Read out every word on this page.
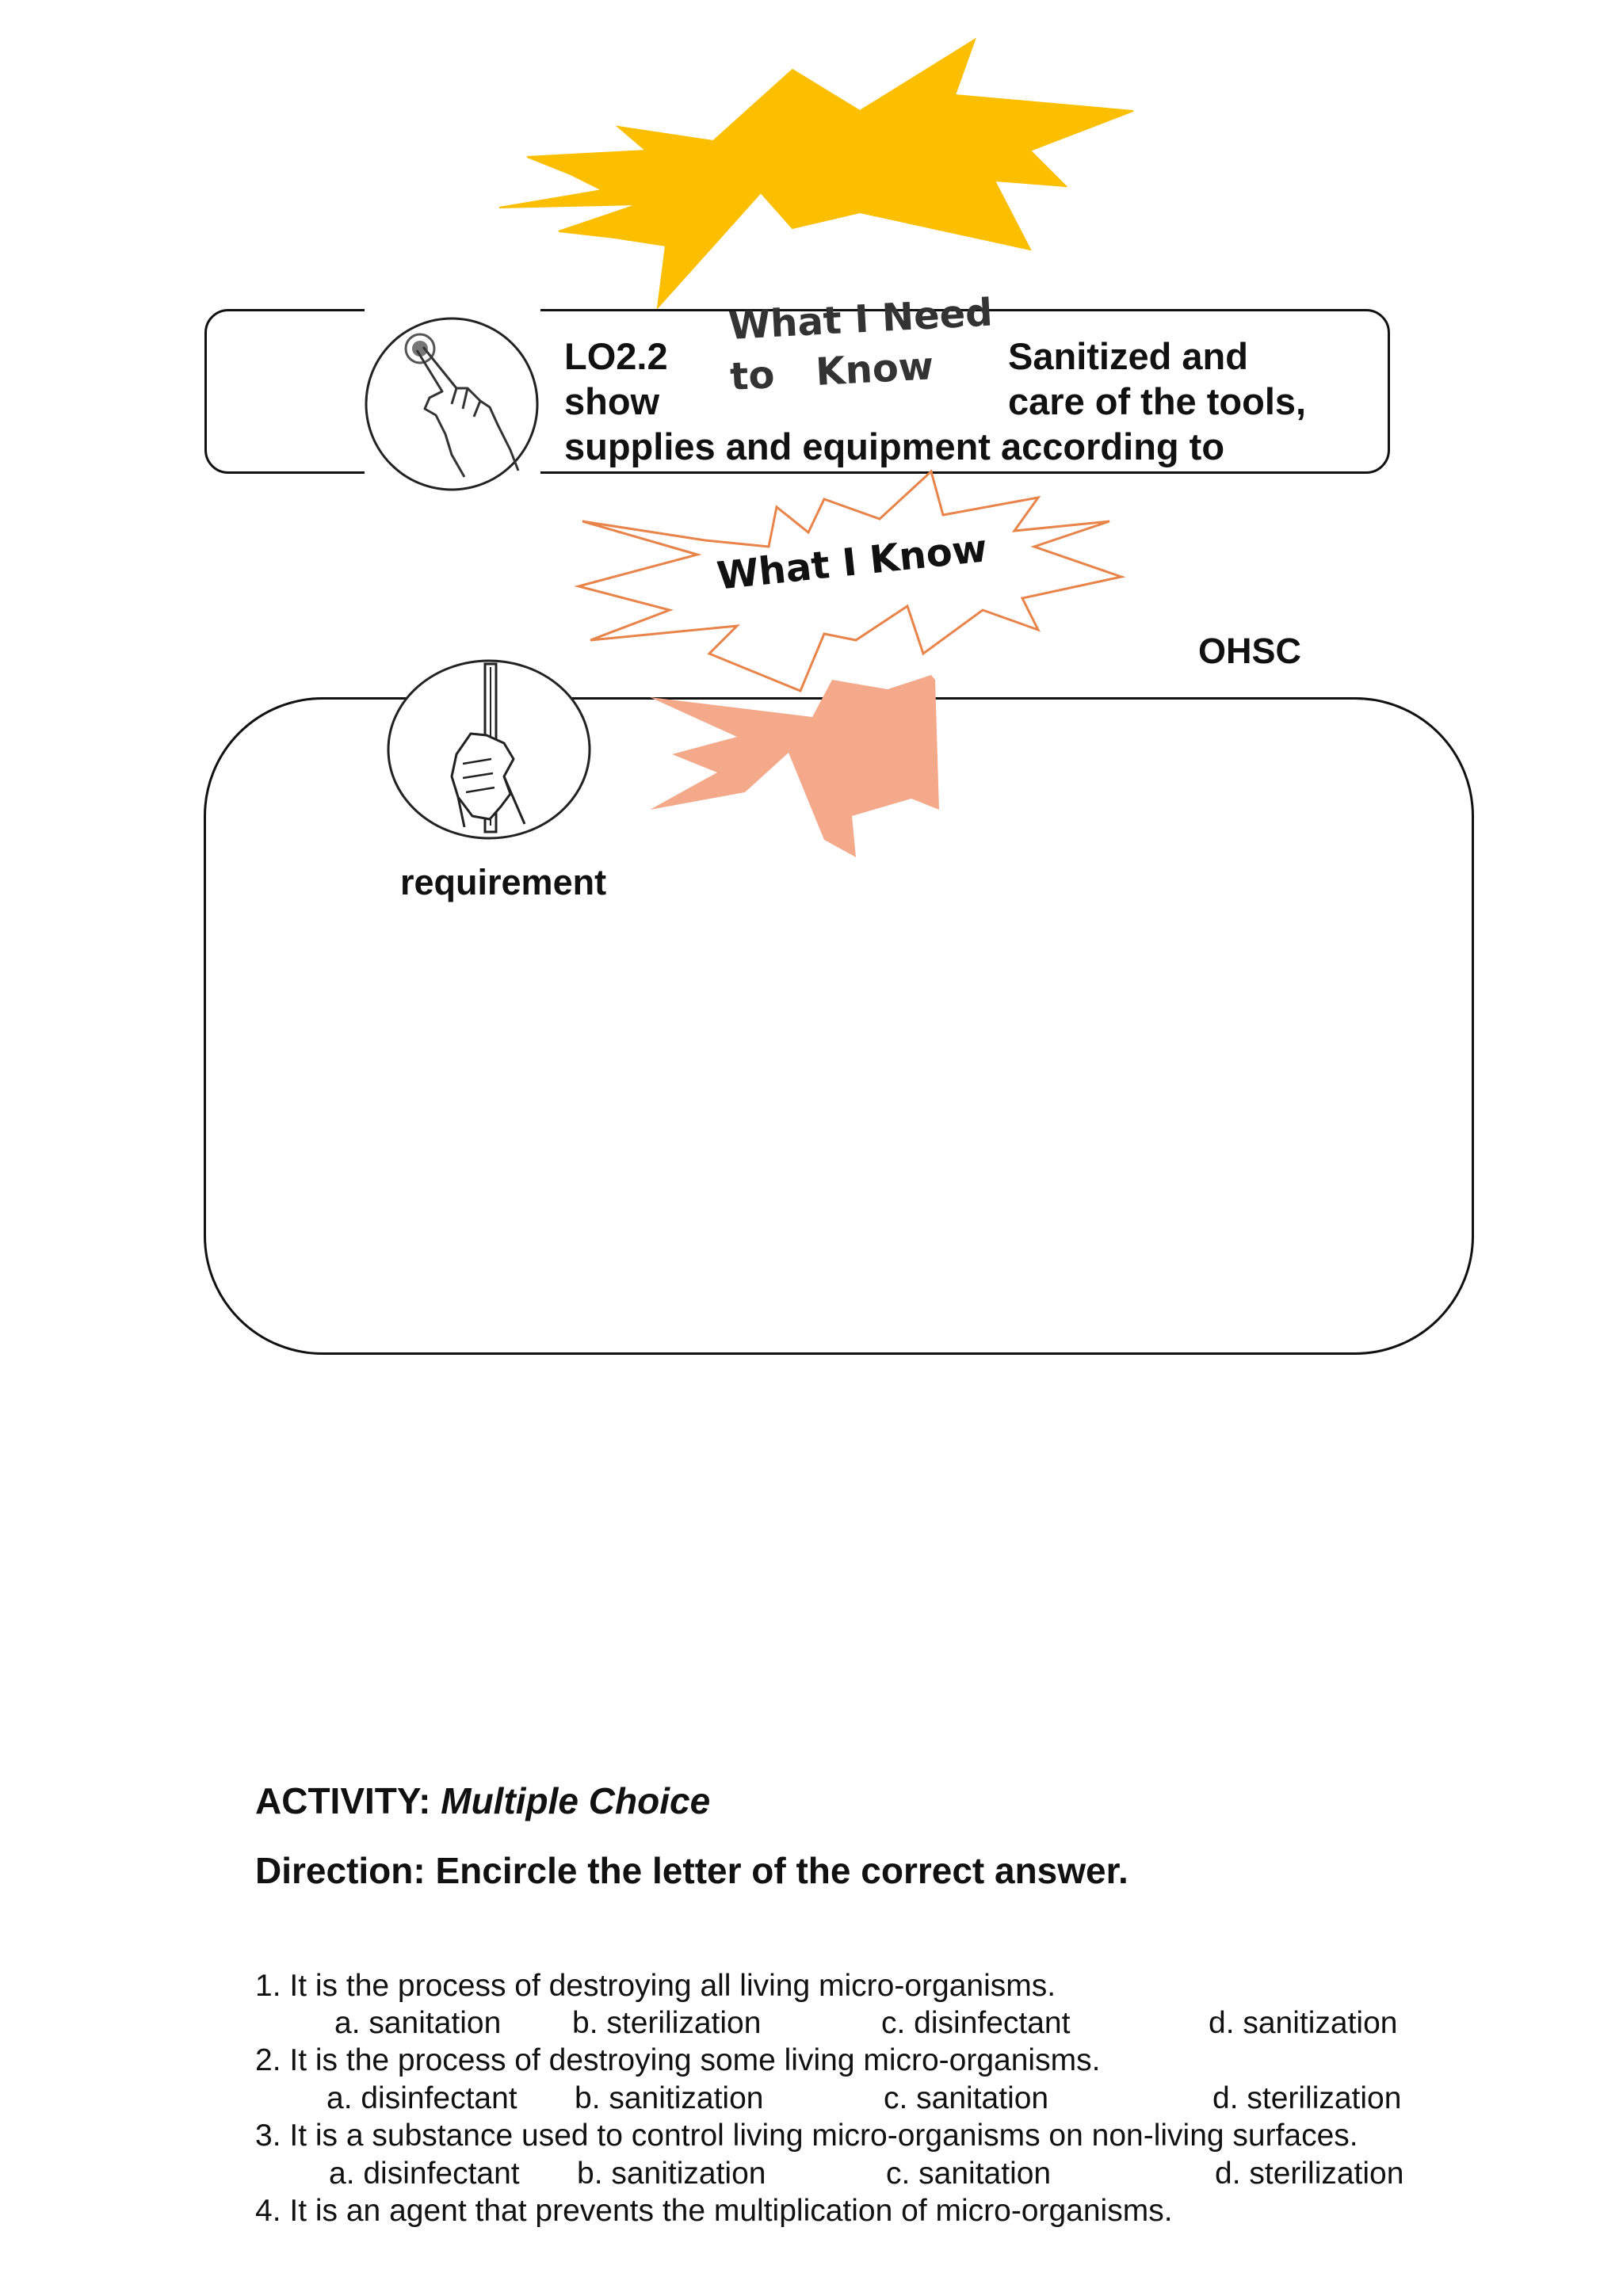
LO2.2
show
Sanitized and
care of the tools,
supplies and equipment according to
What I Need
to Know
What I Know
OHSC
requirement
ACTIVITY: Multiple Choice
Direction: Encircle the letter of the correct answer.
1. It is the process of destroying all living micro-organisms.
a. sanitation b. sterilization	c. disinfectant	d. sanitization
2. It is the process of destroying some living micro-organisms.
a. disinfectant b. sanitization	c. sanitation	d. sterilization
3. It is a substance used to control living micro-organisms on non-living surfaces.
a. disinfectant b. sanitization	c. sanitation	d. sterilization
4. It is an agent that prevents the multiplication of micro-organisms.
